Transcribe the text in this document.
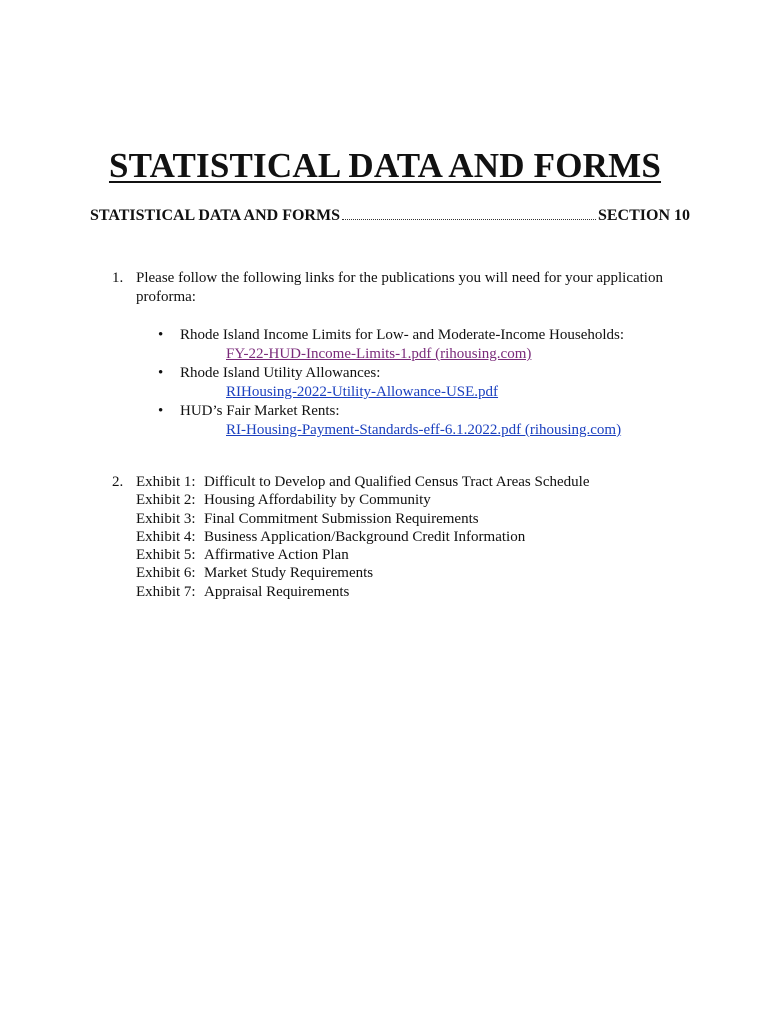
STATISTICAL DATA AND FORMS
STATISTICAL DATA AND FORMS	SECTION 10
1. Please follow the following links for the publications you will need for your application proforma:
• Rhode Island Income Limits for Low- and Moderate-Income Households:
FY-22-HUD-Income-Limits-1.pdf (rihousing.com)
• Rhode Island Utility Allowances:
RIHousing-2022-Utility-Allowance-USE.pdf
• HUD’s Fair Market Rents:
RI-Housing-Payment-Standards-eff-6.1.2022.pdf (rihousing.com)
2. Exhibit 1: Difficult to Develop and Qualified Census Tract Areas Schedule
Exhibit 2: Housing Affordability by Community
Exhibit 3: Final Commitment Submission Requirements
Exhibit 4: Business Application/Background Credit Information
Exhibit 5: Affirmative Action Plan
Exhibit 6: Market Study Requirements
Exhibit 7: Appraisal Requirements
